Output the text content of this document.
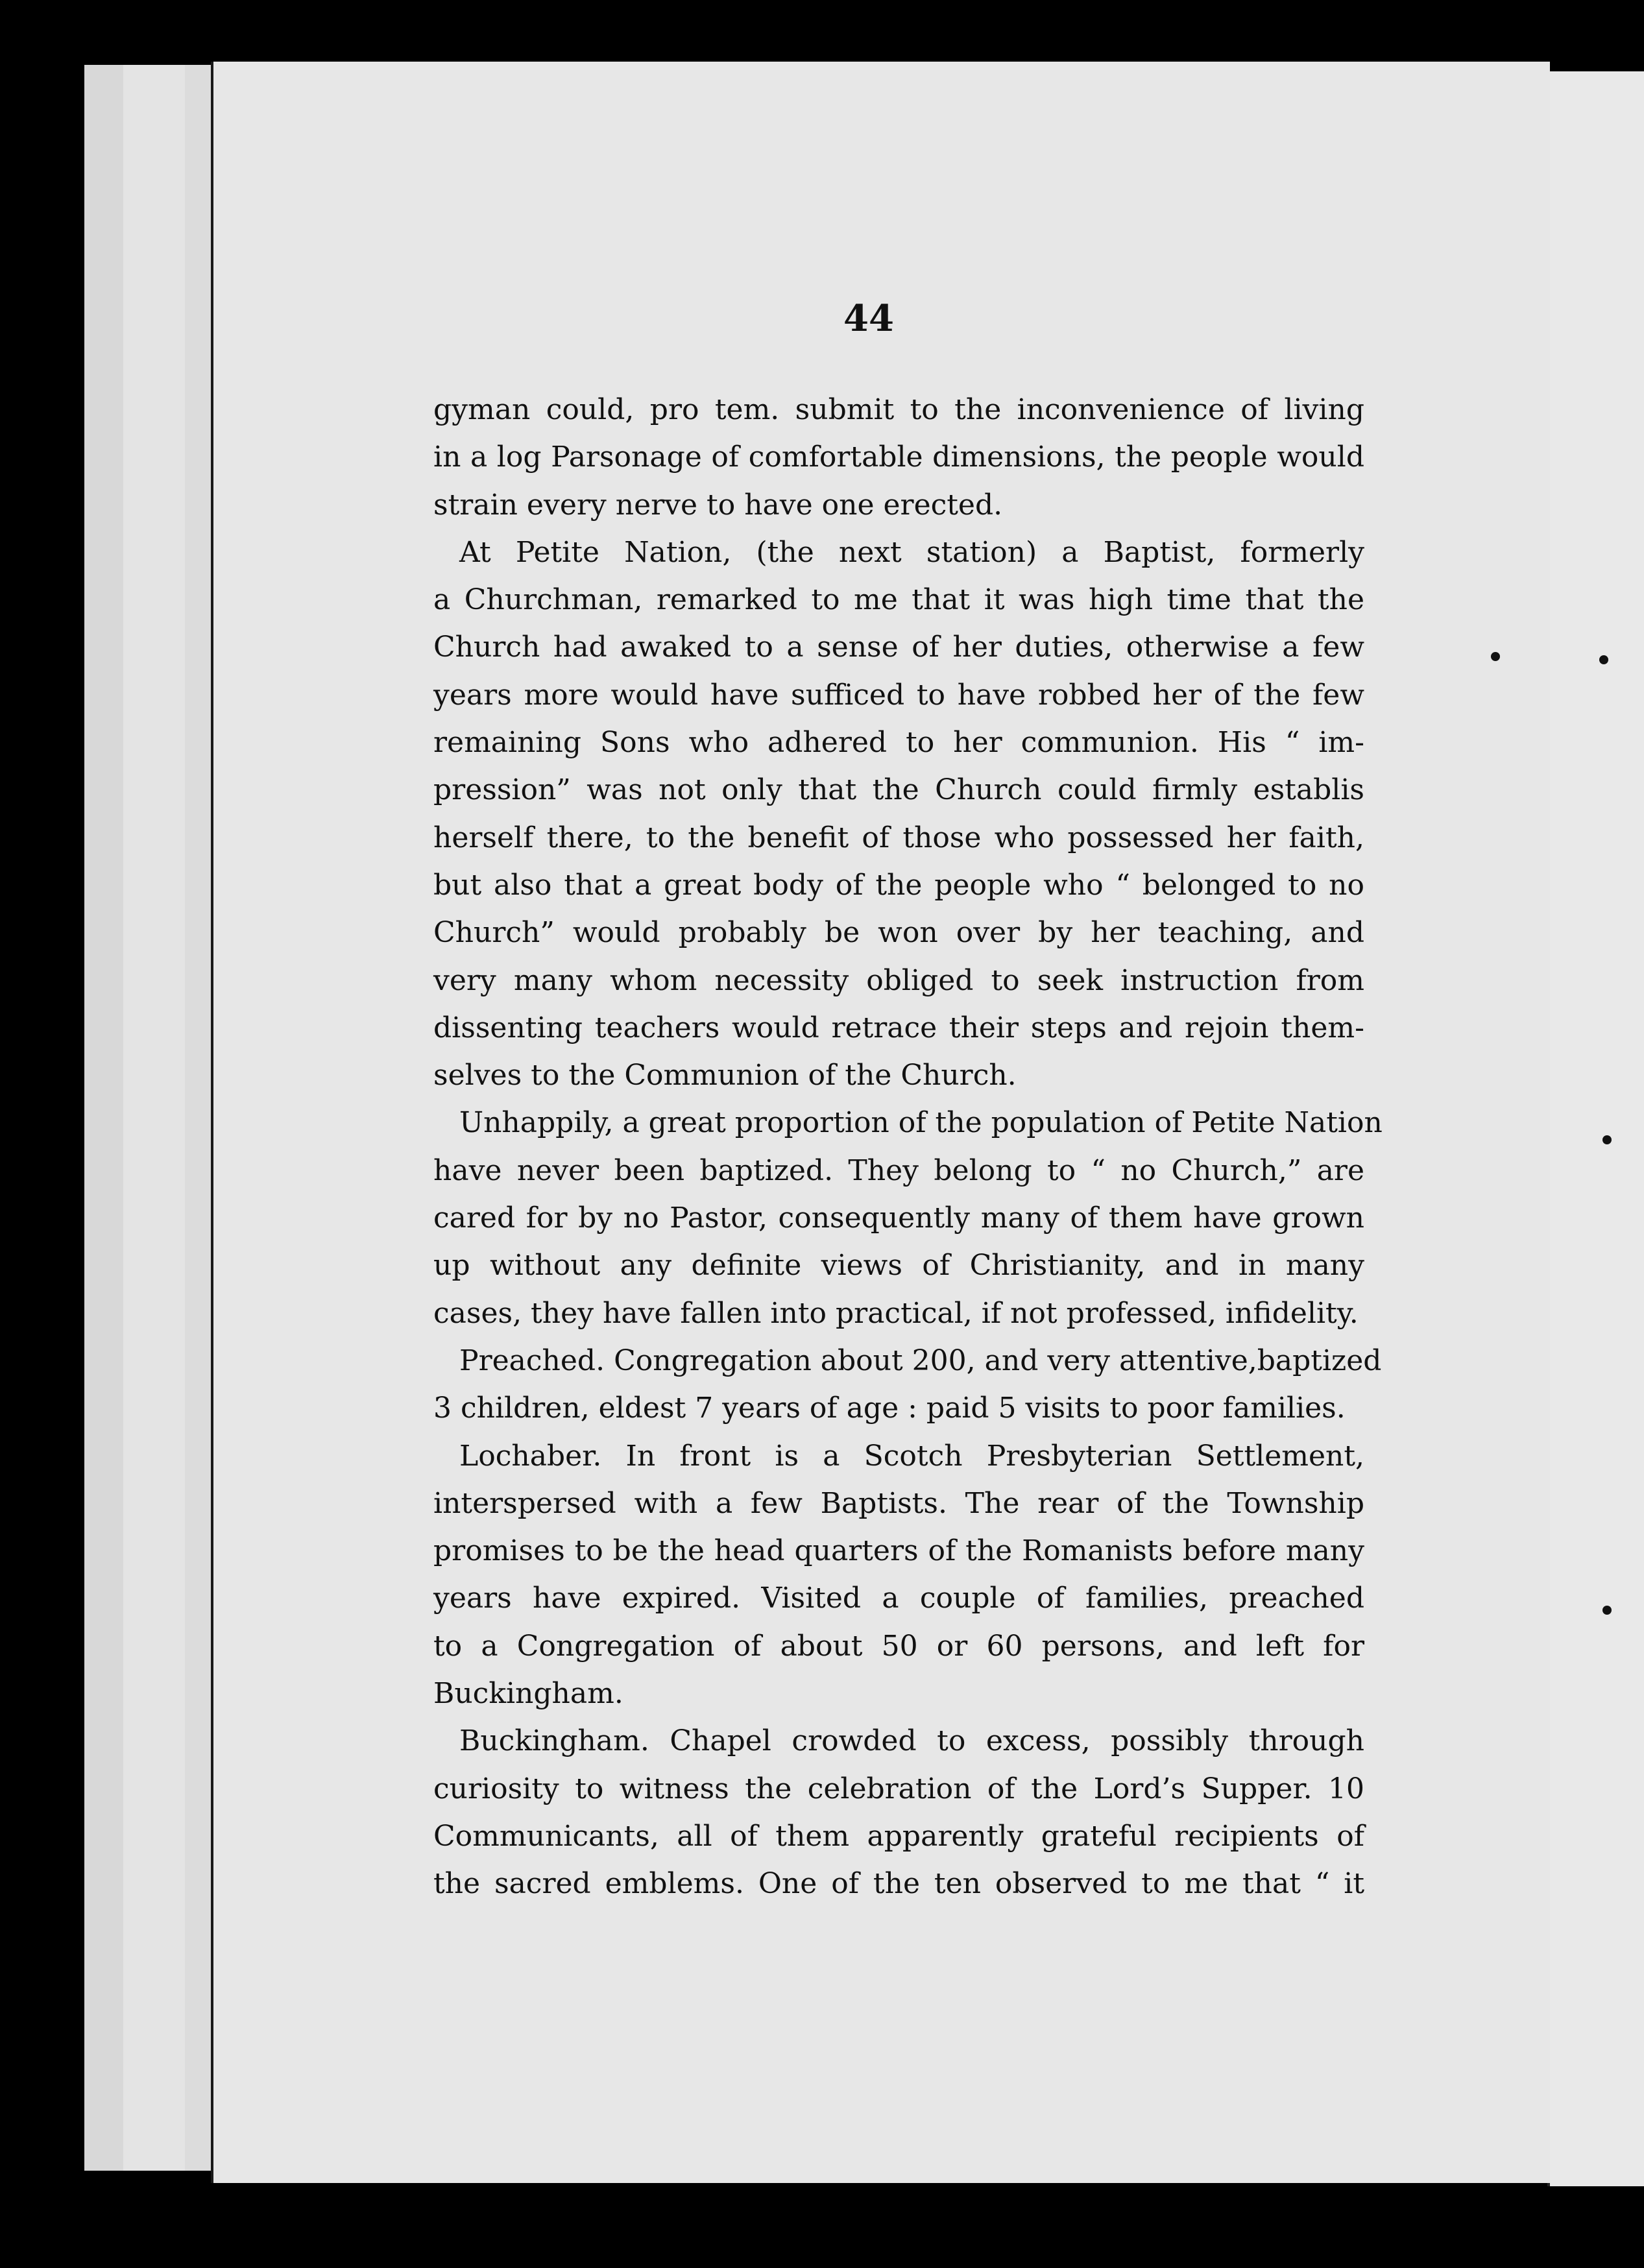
44
gyman could, pro tem. submit to the inconvenience of living
in a log Parsonage of comfortable dimensions, the people would
strain every nerve to have one erected.
At Petite Nation, (the next station) a Baptist, formerly
a Churchman, remarked to me that it was high time that the
Church had awaked to a sense of her duties, otherwise a few
years more would have sufficed to have robbed her of the few
remaining Sons who adhered to her communion. His “ im-
pression” was not only that the Church could firmly establis
herself there, to the benefit of those who possessed her faith,
but also that a great body of the people who “ belonged to no
Church” would probably be won over by her teaching, and
very many whom necessity obliged to seek instruction from
dissenting teachers would retrace their steps and rejoin them-
selves to the Communion of the Church.
Unhappily, a great proportion of the population of Petite Nation
have never been baptized. They belong to “ no Church,” are
cared for by no Pastor, consequently many of them have grown
up without any definite views of Christianity, and in many
cases, they have fallen into practical, if not professed, infidelity.
Preached. Congregation about 200, and very attentive,baptized
3 children, eldest 7 years of age : paid 5 visits to poor families.
Lochaber. In front is a Scotch Presbyterian Settlement,
interspersed with a few Baptists. The rear of the Township
promises to be the head quarters of the Romanists before many
years have expired. Visited a couple of families, preached
to a Congregation of about 50 or 60 persons, and left for
Buckingham.
Buckingham. Chapel crowded to excess, possibly through
curiosity to witness the celebration of the Lord’s Supper. 10
Communicants, all of them apparently grateful recipients of
the sacred emblems. One of the ten observed to me that “ it
